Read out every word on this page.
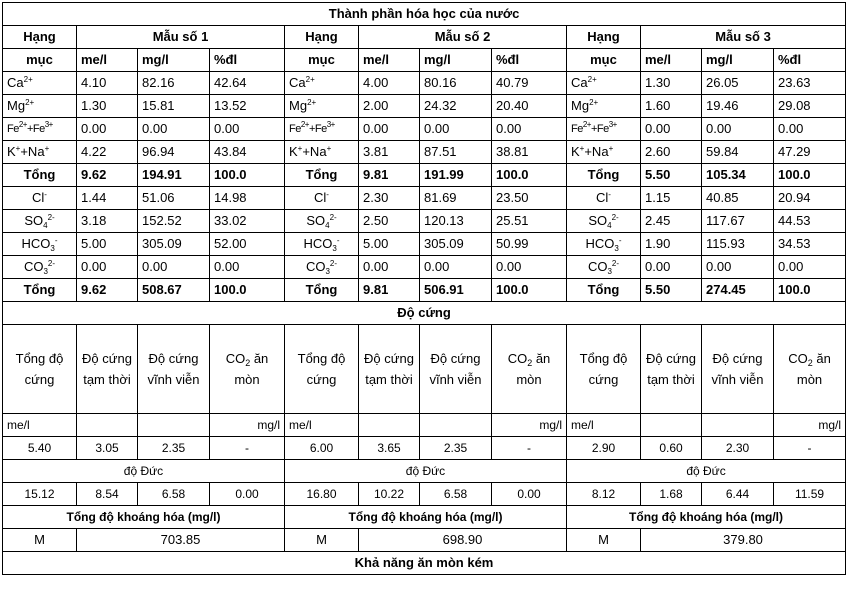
Thành phần hóa học của nước											
Hạng	Mẫu số 1			Hạng	Mẫu số 2			Hạng	Mẫu số 3		
mục	me/l	mg/l	%đl	mục	me/l	mg/l	%đl	mục	me/l	mg/l	%đl
$Ca^{2+}$	4.10	82.16	42.64	$Ca^{2+}$	4.00	80.16	40.79	$Ca^{2+}$	1.30	26.05	23.63
$Mg^{2+}$	1.30	15.81	13.52	$Mg^{2+}$	2.00	24.32	20.40	$Mg^{2+}$	1.60	19.46	29.08
$Fe^{2+}+Fe^{3+}$	0.00	0.00	0.00	$Fe^{2+}+Fe^{3+}$	0.00	0.00	0.00	$Fe^{2+}+Fe^{3+}$	0.00	0.00	0.00
K++Na+	4.22	96.94	43.84	K++Na+	3.81	87.51	38.81	K++Na+	2.60	59.84	47.29
Tổng	9.62	194.91	100.0	Tổng	9.81	191.99	100.0	Tổng	5.50	105.34	100.0
Cl-	1.44	51.06	14.98	Cl-	2.30	81.69	23.50	Cl-	1.15	40.85	20.94
$SO_4^{2-}$	3.18	152.52	33.02	$SO_4^{2-}$	2.50	120.13	25.51	$SO_4^{2-}$	2.45	117.67	44.53
$HCO_3^-$	5.00	305.09	52.00	$HCO_3^-$	5.00	305.09	50.99	$HCO_3^-$	1.90	115.93	34.53
$CO_3^{2-}$	0.00	0.00	0.00	$CO_3^{2-}$	0.00	0.00	0.00	$CO_3^{2-}$	0.00	0.00	0.00
Tổng	9.62	508.67	100.0	Tổng	9.81	506.91	100.0	Tổng	5.50	274.45	100.0
Độ cứng											
Tổng độ cứng	Độ cứng tạm thời	Độ cứng vĩnh viễn	$CO_2$ ăn mòn	Tổng độ cứng	Độ cứng tạm thời	Độ cứng vĩnh viễn	$CO_2$ ăn mòn	Tổng độ cứng	Độ cứng tạm thời	Độ cứng vĩnh viễn	$CO_2$ ăn mòn
me/l			mg/l	me/l			mg/l	me/l			mg/l
5.40	3.05	2.35	-	6.00	3.65	2.35	-	2.90	0.60	2.30	-
độ Đức				độ Đức				độ Đức			
15.12	8.54	6.58	0.00	16.80	10.22	6.58	0.00	8.12	1.68	6.44	11.59
Tổng độ khoáng hóa (mg/l)				Tổng độ khoáng hóa (mg/l)				Tổng độ khoáng hóa (mg/l)			
M	703.85			M	698.90			M	379.80		
Khả năng ăn mòn kém											
